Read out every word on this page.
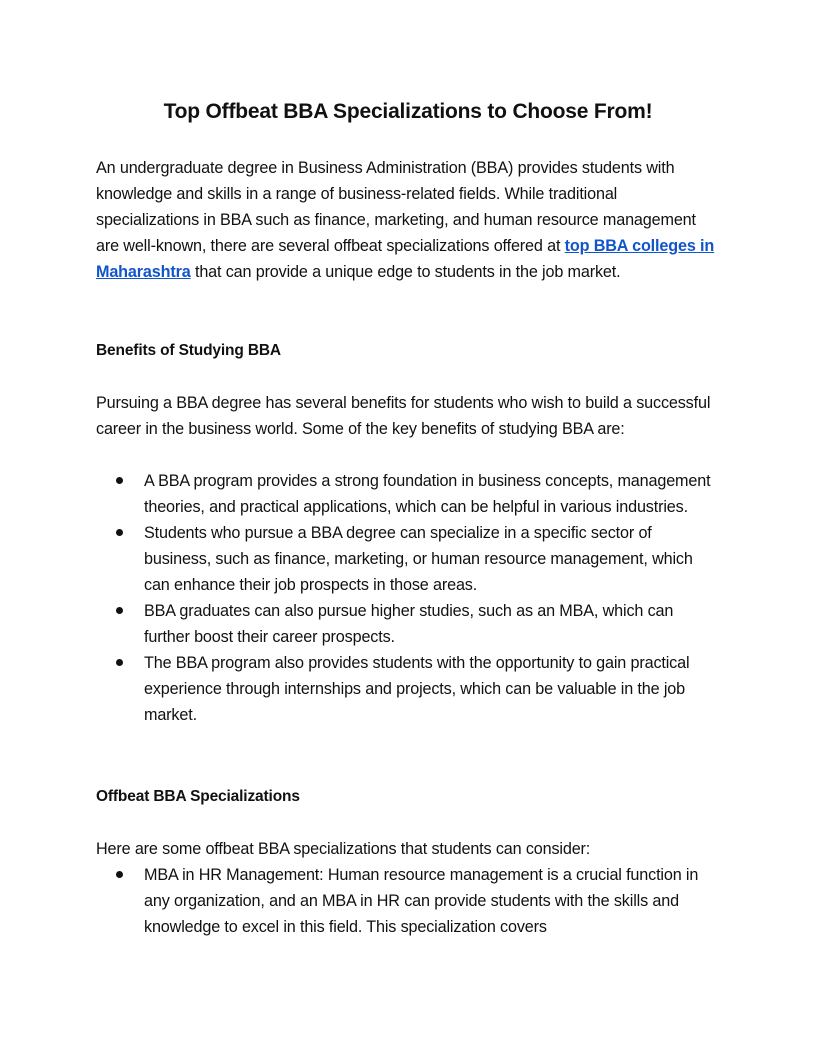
Top Offbeat BBA Specializations to Choose From!

An undergraduate degree in Business Administration (BBA) provides students with knowledge and skills in a range of business-related fields. While traditional specializations in BBA such as finance, marketing, and human resource management are well-known, there are several offbeat specializations offered at top BBA colleges in Maharashtra that can provide a unique edge to students in the job market.

Benefits of Studying BBA

Pursuing a BBA degree has several benefits for students who wish to build a successful career in the business world. Some of the key benefits of studying BBA are:

A BBA program provides a strong foundation in business concepts, management theories, and practical applications, which can be helpful in various industries.
Students who pursue a BBA degree can specialize in a specific sector of business, such as finance, marketing, or human resource management, which can enhance their job prospects in those areas.
BBA graduates can also pursue higher studies, such as an MBA, which can further boost their career prospects.
The BBA program also provides students with the opportunity to gain practical experience through internships and projects, which can be valuable in the job market.

Offbeat BBA Specializations

Here are some offbeat BBA specializations that students can consider:

MBA in HR Management: Human resource management is a crucial function in any organization, and an MBA in HR can provide students with the skills and knowledge to excel in this field. This specialization covers
